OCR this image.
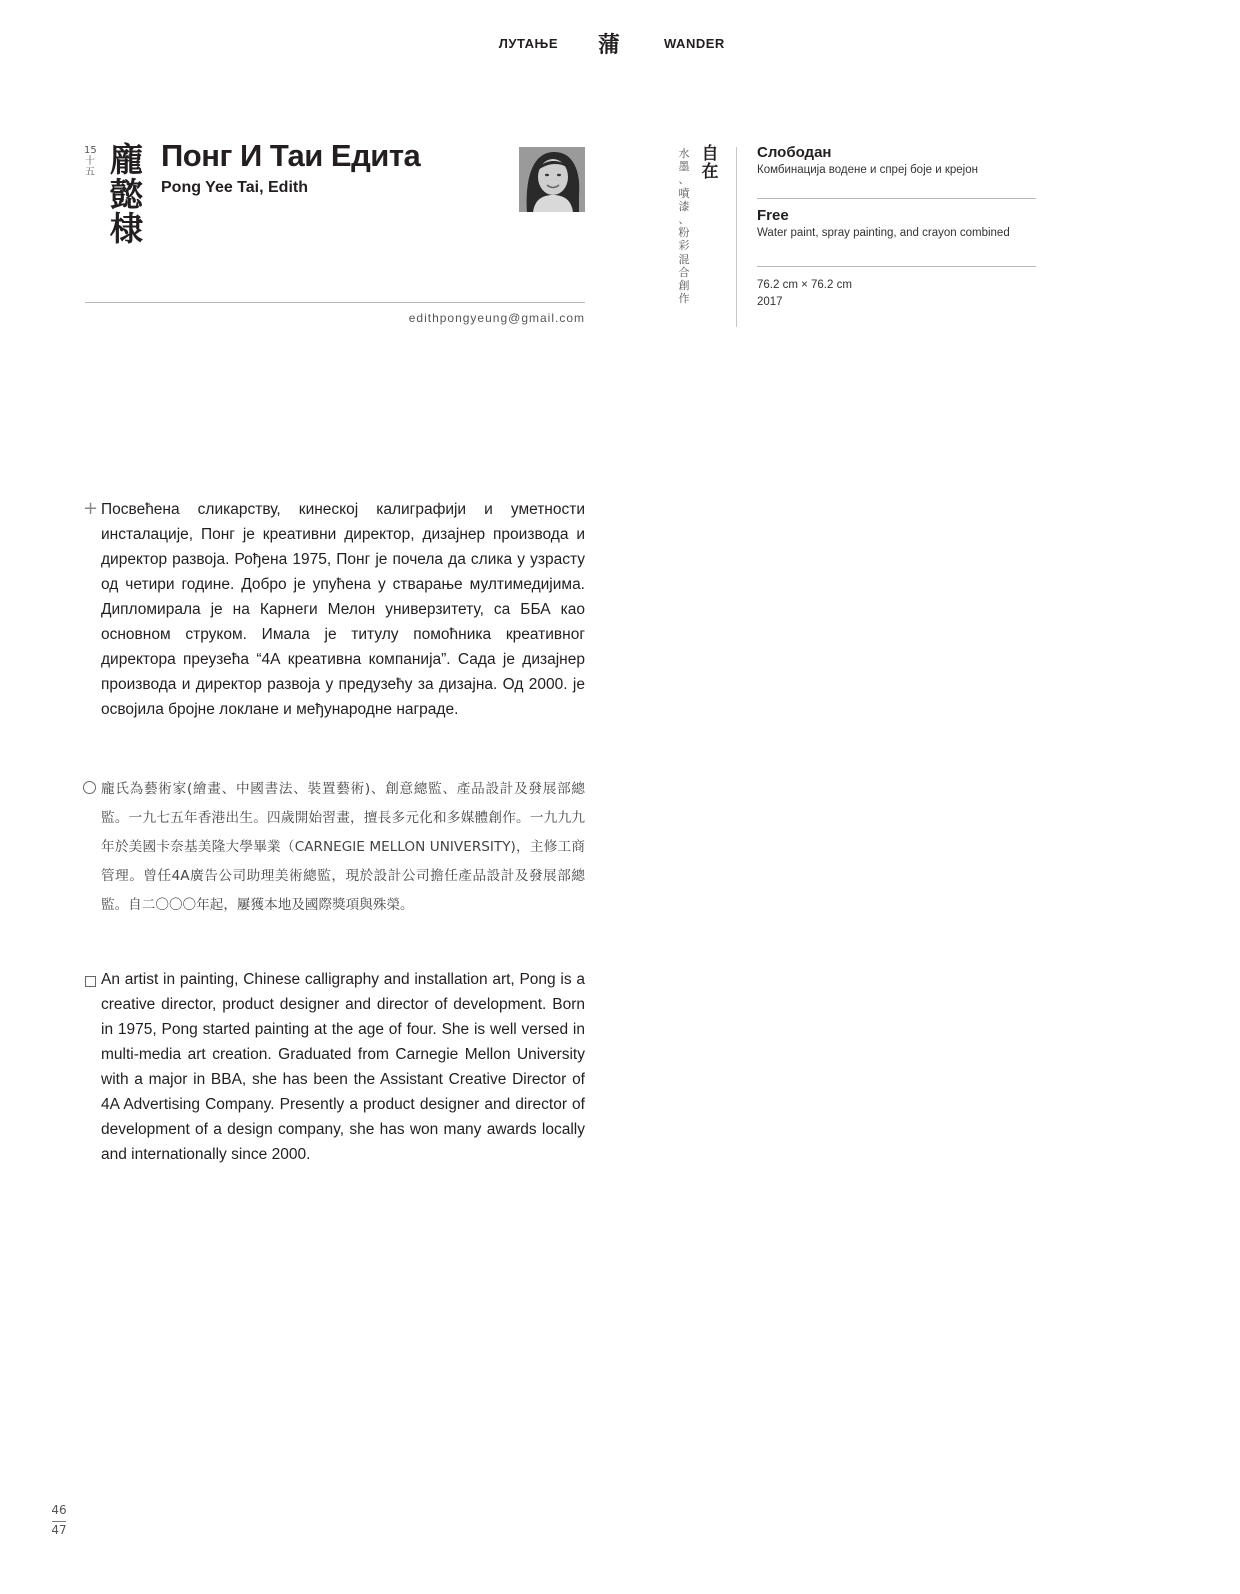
ЛУТАЊЕ 蒲	WANDER
15
十
五 龐
懿
棣
Понг И Таи Едита
Pong Yee Tai, Edith
edithpongyeung@gmail.com
水
墨
、
噴
漆
、
粉
彩
混
合
創
作
自
在
Слободан
Комбинација водене и спреј боје и крејон
Free
Water paint, spray painting, and crayon combined
76.2 cm × 76.2 cm
2017
+ Посвећена сликарству, кинеској калиграфији и уметности инсталације, Понг је креативни директор, дизајнер производа и директор развоја. Рођена 1975, Понг је почела да слика у узрасту од четири године. Добро је упућена у стварање мултимедијима. Дипломирала је на Карнеги Мелон универзитету, са ББА као основном струком. Имала је титулу помоћника креативног директора преузећа “4А креативна компанија”. Сада је дизајнер производа и директор развоја у предузећу за дизајна. Од 2000. је освојила бројне локлане и међународне награде.
龐氏為藝術家(繪畫、中國書法、裝置藝術)、創意總監、產品設計及發展部總監。一九七五年香港出生。四歲開始習畫，擅長多元化和多媒體創作。一九九九年於美國卡奈基美隆大學畢業（CARNEGIE MELLON UNIVERSITY)，主修工商管理。曾任4A廣告公司助理美術總監，現於設計公司擔任產品設計及發展部總監。自二〇〇〇年起，屢獲本地及國際獎項與殊榮。
An artist in painting, Chinese calligraphy and installation art, Pong is a creative director, product designer and director of development. Born in 1975, Pong started painting at the age of four. She is well versed in multi-media art creation. Graduated from Carnegie Mellon University with a major in BBA, she has been the Assistant Creative Director of 4A Advertising Company. Presently a product designer and director of development of a design company, she has won many awards locally and internationally since 2000.
46
47
